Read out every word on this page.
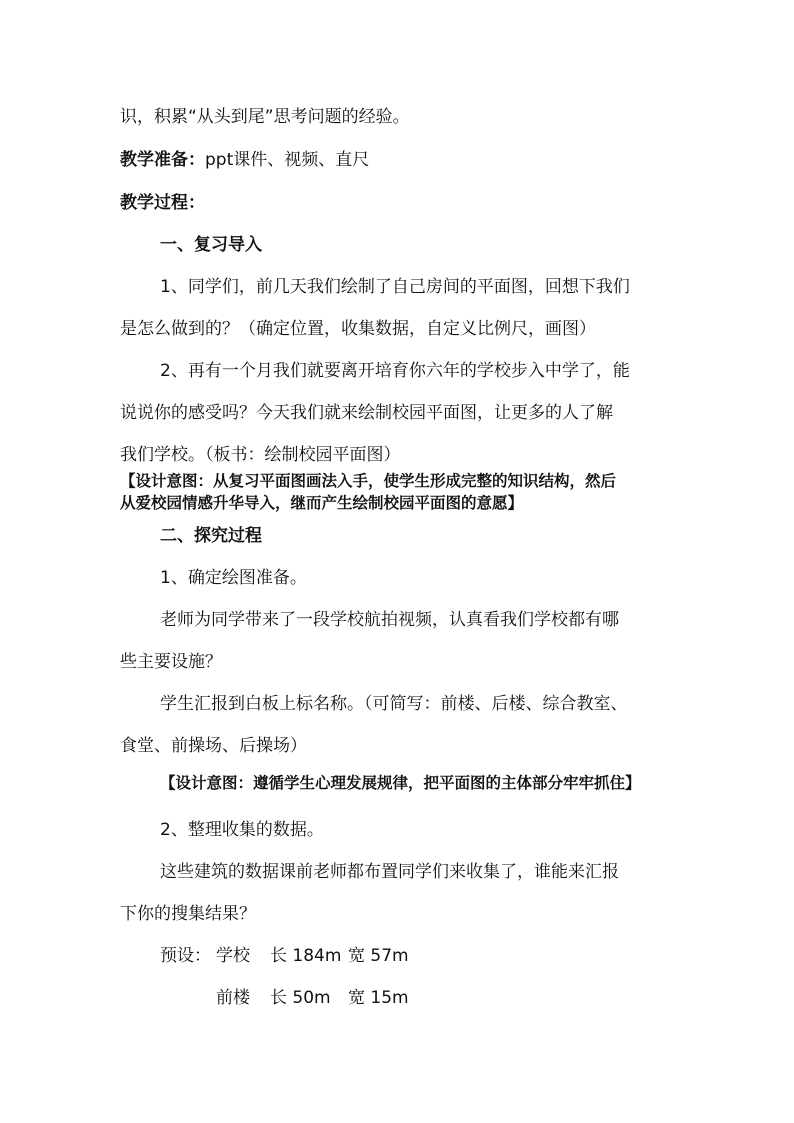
识，积累“从头到尾”思考问题的经验。
教学准备：ppt课件、视频、直尺
教学过程：
一、复习导入
1、同学们，前几天我们绘制了自己房间的平面图，回想下我们
是怎么做到的？（确定位置，收集数据，自定义比例尺，画图）
2、再有一个月我们就要离开培育你六年的学校步入中学了，能
说说你的感受吗？今天我们就来绘制校园平面图，让更多的人了解
我们学校。（板书：绘制校园平面图）
【设计意图：从复习平面图画法入手，使学生形成完整的知识结构，然后
从爱校园情感升华导入，继而产生绘制校园平面图的意愿】
二、探究过程
1、确定绘图准备。
老师为同学带来了一段学校航拍视频，认真看我们学校都有哪
些主要设施？
学生汇报到白板上标名称。（可简写：前楼、后楼、综合教室、
食堂、前操场、后操场）
【设计意图：遵循学生心理发展规律，把平面图的主体部分牢牢抓住】
2、整理收集的数据。
这些建筑的数据课前老师都布置同学们来收集了，谁能来汇报
下你的搜集结果？
预设： 学校 长 184m 宽 57m
前楼 长 50m 宽 15m
